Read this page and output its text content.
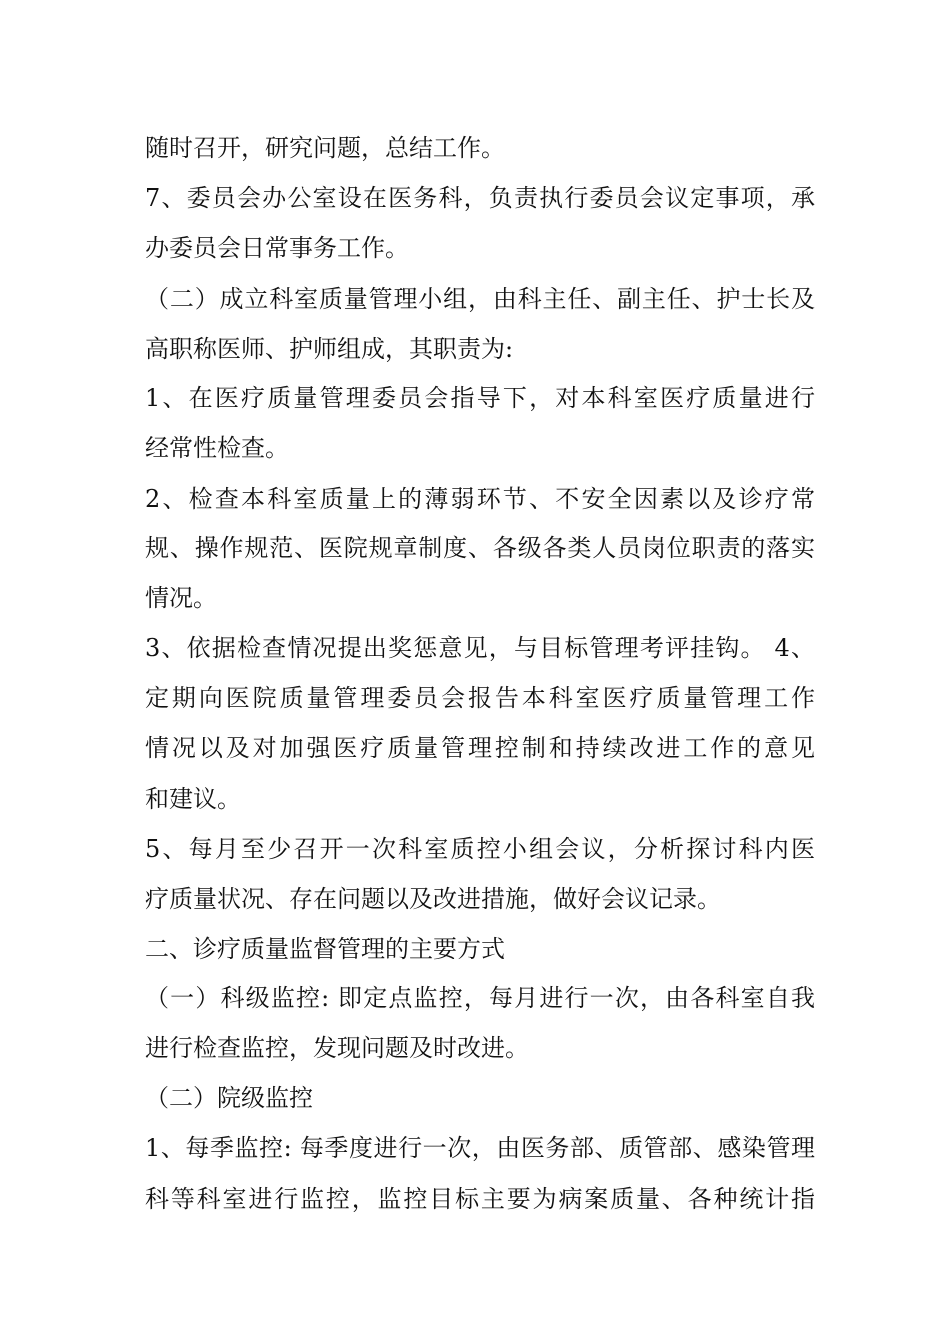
随时召开，研究问题，总结工作。
7、委员会办公室设在医务科，负责执行委员会议定事项，承
办委员会日常事务工作。
（二）成立科室质量管理小组，由科主任、副主任、护士长及
高职称医师、护师组成，其职责为:
1、在医疗质量管理委员会指导下，对本科室医疗质量进行
经常性检查。
2、检查本科室质量上的薄弱环节、不安全因素以及诊疗常
规、操作规范、医院规章制度、各级各类人员岗位职责的落实
情况。
3、依据检查情况提出奖惩意见，与目标管理考评挂钩。 4、
定期向医院质量管理委员会报告本科室医疗质量管理工作
情况以及对加强医疗质量管理控制和持续改进工作的意见
和建议。
5、每月至少召开一次科室质控小组会议，分析探讨科内医
疗质量状况、存在问题以及改进措施，做好会议记录。
二、诊疗质量监督管理的主要方式
（一）科级监控: 即定点监控，每月进行一次，由各科室自我
进行检查监控，发现问题及时改进。
（二）院级监控
1、每季监控: 每季度进行一次，由医务部、质管部、感染管理
科等科室进行监控，监控目标主要为病案质量、各种统计指
